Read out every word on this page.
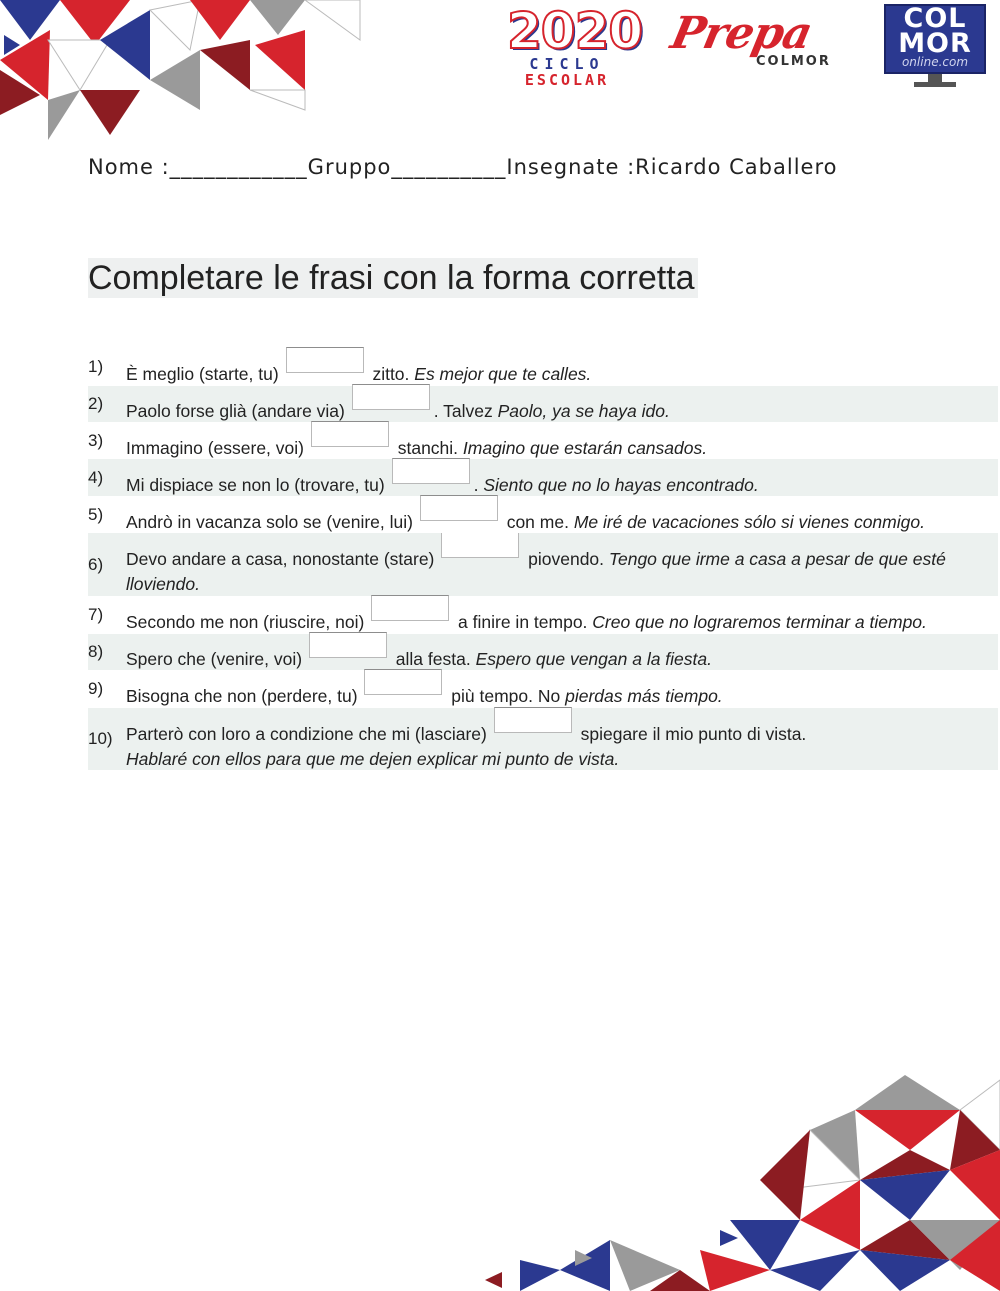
2020
CICLO
ESCOLAR
Prepa
COLMOR
COL
MOR
online.com
Nome :____________Gruppo__________Insegnate :Ricardo Caballero
Completare le frasi con la forma corretta
1)	È meglio (starte, tu)	zitto. Es mejor que te calles.
2)	Paolo forse glià (andare via)	. Talvez Paolo, ya se haya ido.
3)	Immagino (essere, voi)	stanchi. Imagino que estarán cansados.
4)	Mi dispiace se non lo (trovare, tu)	. Siento que no lo hayas encontrado.
5)	Andrò in vacanza solo se (venire, lui)	con me. Me iré de vacaciones sólo si vienes conmigo.
6)	Devo andare a casa, nonostante (stare)	piovendo. Tengo que irme a casa a pesar de que esté
lloviendo.
7)	Secondo me non (riuscire, noi)	a finire in tempo. Creo que no lograremos terminar a tiempo.
8)	Spero che (venire, voi)	alla festa. Espero que vengan a la fiesta.
9)	Bisogna che non (perdere, tu)	più tempo. No pierdas más tiempo.
10) Parterò con loro a condizione che mi (lasciare)	spiegare il mio punto di vista.
Hablaré con ellos para que me dejen explicar mi punto de vista.
